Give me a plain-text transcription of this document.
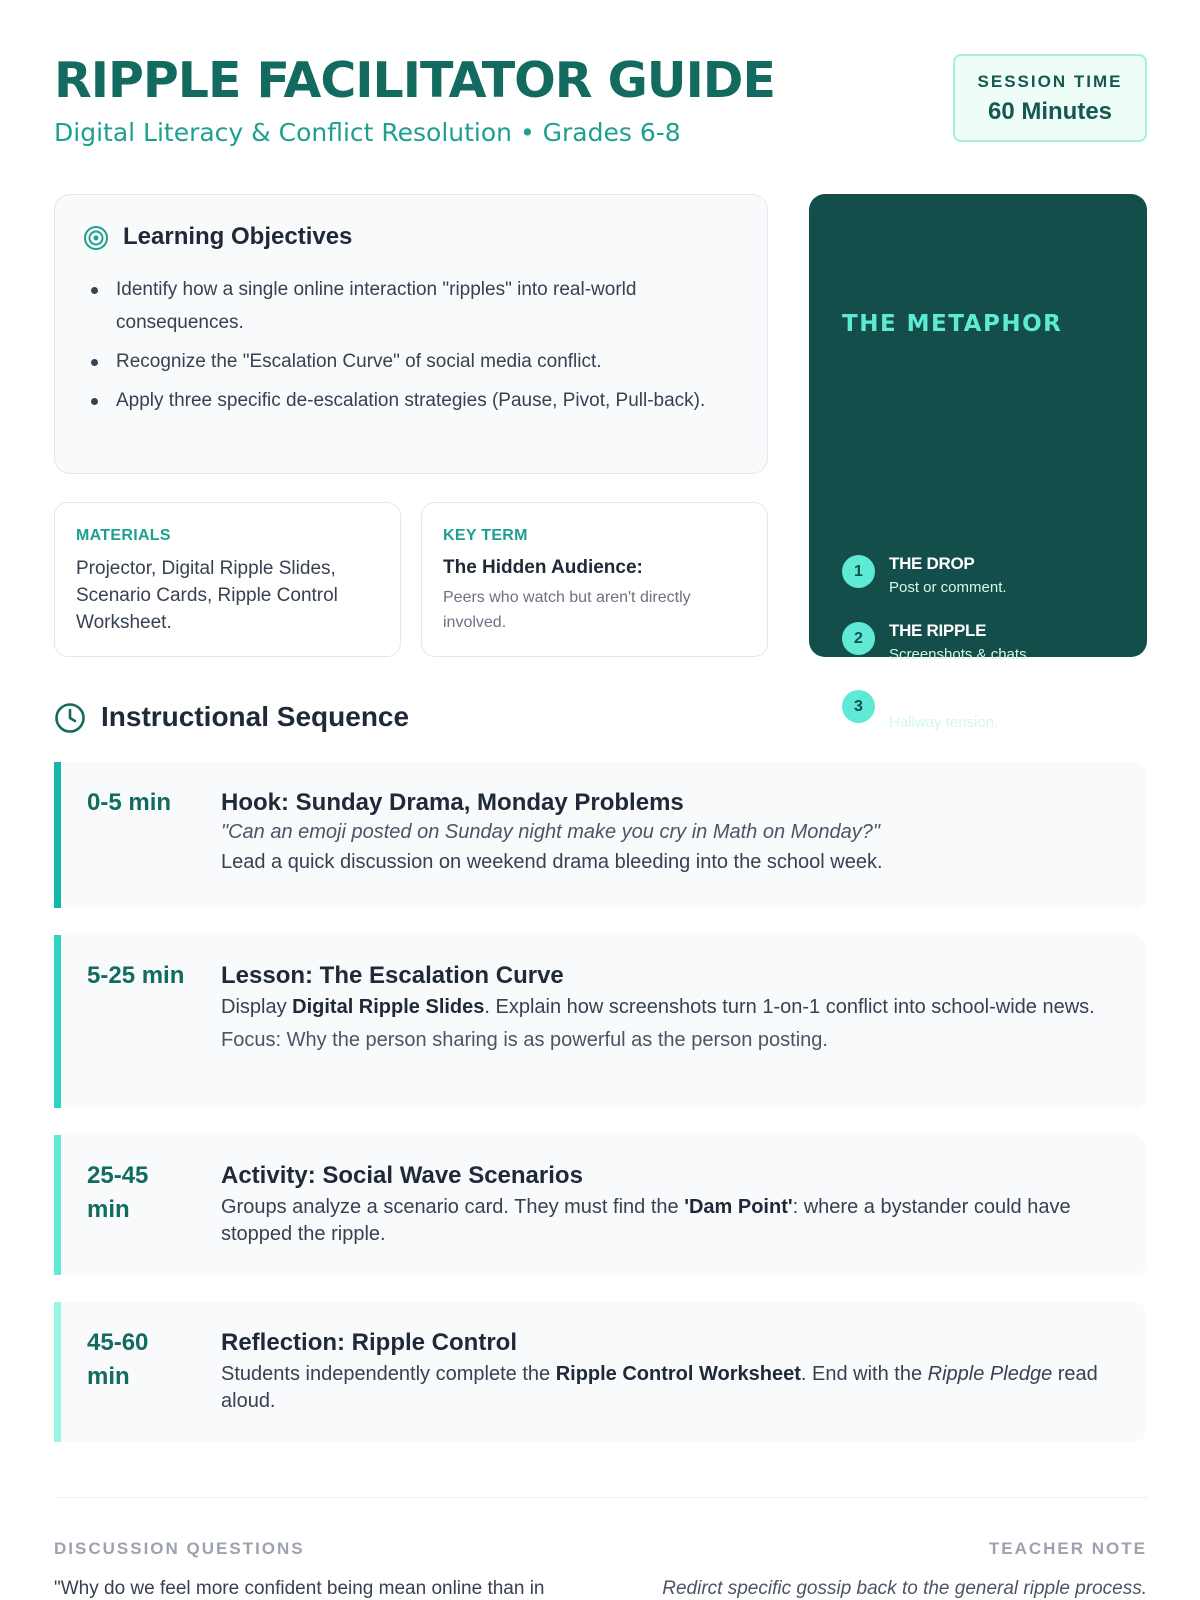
RIPPLE FACILITATOR GUIDE
Digital Literacy & Conflict Resolution • Grades 6-8
SESSION TIME
60 Minutes
Learning Objectives
Identify how a single online interaction "ripples" into real-world consequences.
Recognize the "Escalation Curve" of social media conflict.
Apply three specific de-escalation strategies (Pause, Pivot, Pull-back).
MATERIALS
Projector, Digital Ripple Slides, Scenario Cards, Ripple Control Worksheet.
KEY TERM
The Hidden Audience:
Peers who watch but aren't directly involved.
THE METAPHOR
1	THE DROP
Post or comment.
2	THE RIPPLE
Screenshots & chats.
3	THE IMPACT
Hallway tension.
Instructional Sequence
0-5 min	Hook: Sunday Drama, Monday Problems
"Can an emoji posted on Sunday night make you cry in Math on Monday?"
Lead a quick discussion on weekend drama bleeding into the school week.
5-25 min Lesson: The Escalation Curve
Display Digital Ripple Slides. Explain how screenshots turn 1-on-1 conflict into school-wide news.
Focus: Why the person sharing is as powerful as the person posting.
25-45 min
Activity: Social Wave Scenarios
Groups analyze a scenario card. They must find the 'Dam Point': where a bystander could have stopped the ripple.
45-60 min
Reflection: Ripple Control
Students independently complete the Ripple Control Worksheet. End with the Ripple Pledge read aloud.
DISCUSSION QUESTIONS	TEACHER NOTE
"Why do we feel more confident being mean online than in	Redirct specific gossip back to the general ripple process.
